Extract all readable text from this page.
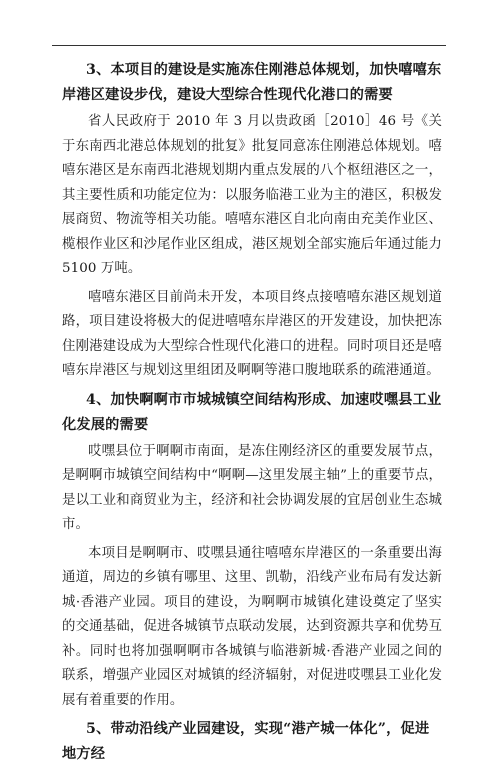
3、本项目的建设是实施冻住刚港总体规划，加快嘻嘻东岸港区建设步伐，建设大型综合性现代化港口的需要

省人民政府于 2010 年 3 月以贵政函［2010］46 号《关于东南西北港总体规划的批复》批复同意冻住刚港总体规划。嘻嘻东港区是东南西北港规划期内重点发展的八个枢纽港区之一，其主要性质和功能定位为：以服务临港工业为主的港区，积极发展商贸、物流等相关功能。嘻嘻东港区自北向南由充美作业区、榄根作业区和沙尾作业区组成，港区规划全部实施后年通过能力 5100 万吨。

嘻嘻东港区目前尚未开发，本项目终点接嘻嘻东港区规划道路，项目建设将极大的促进嘻嘻东岸港区的开发建设，加快把冻住刚港建设成为大型综合性现代化港口的进程。同时项目还是嘻嘻东岸港区与规划这里组团及啊啊等港口腹地联系的疏港通道。

4、加快啊啊市市城城镇空间结构形成、加速哎嘿县工业化发展的需要

哎嘿县位于啊啊市南面，是冻住刚经济区的重要发展节点，是啊啊市城镇空间结构中“啊啊—这里发展主轴”上的重要节点，是以工业和商贸业为主，经济和社会协调发展的宜居创业生态城市。

本项目是啊啊市、哎嘿县通往嘻嘻东岸港区的一条重要出海通道，周边的乡镇有哪里、这里、凯勒，沿线产业布局有发达新城·香港产业园。项目的建设，为啊啊市城镇化建设奠定了坚实的交通基础，促进各城镇节点联动发展，达到资源共享和优势互补。同时也将加强啊啊市各城镇与临港新城·香港产业园之间的联系，增强产业园区对城镇的经济辐射，对促进哎嘿县工业化发展有着重要的作用。

5、带动沿线产业园建设，实现“港产城一体化”，促进地方经
